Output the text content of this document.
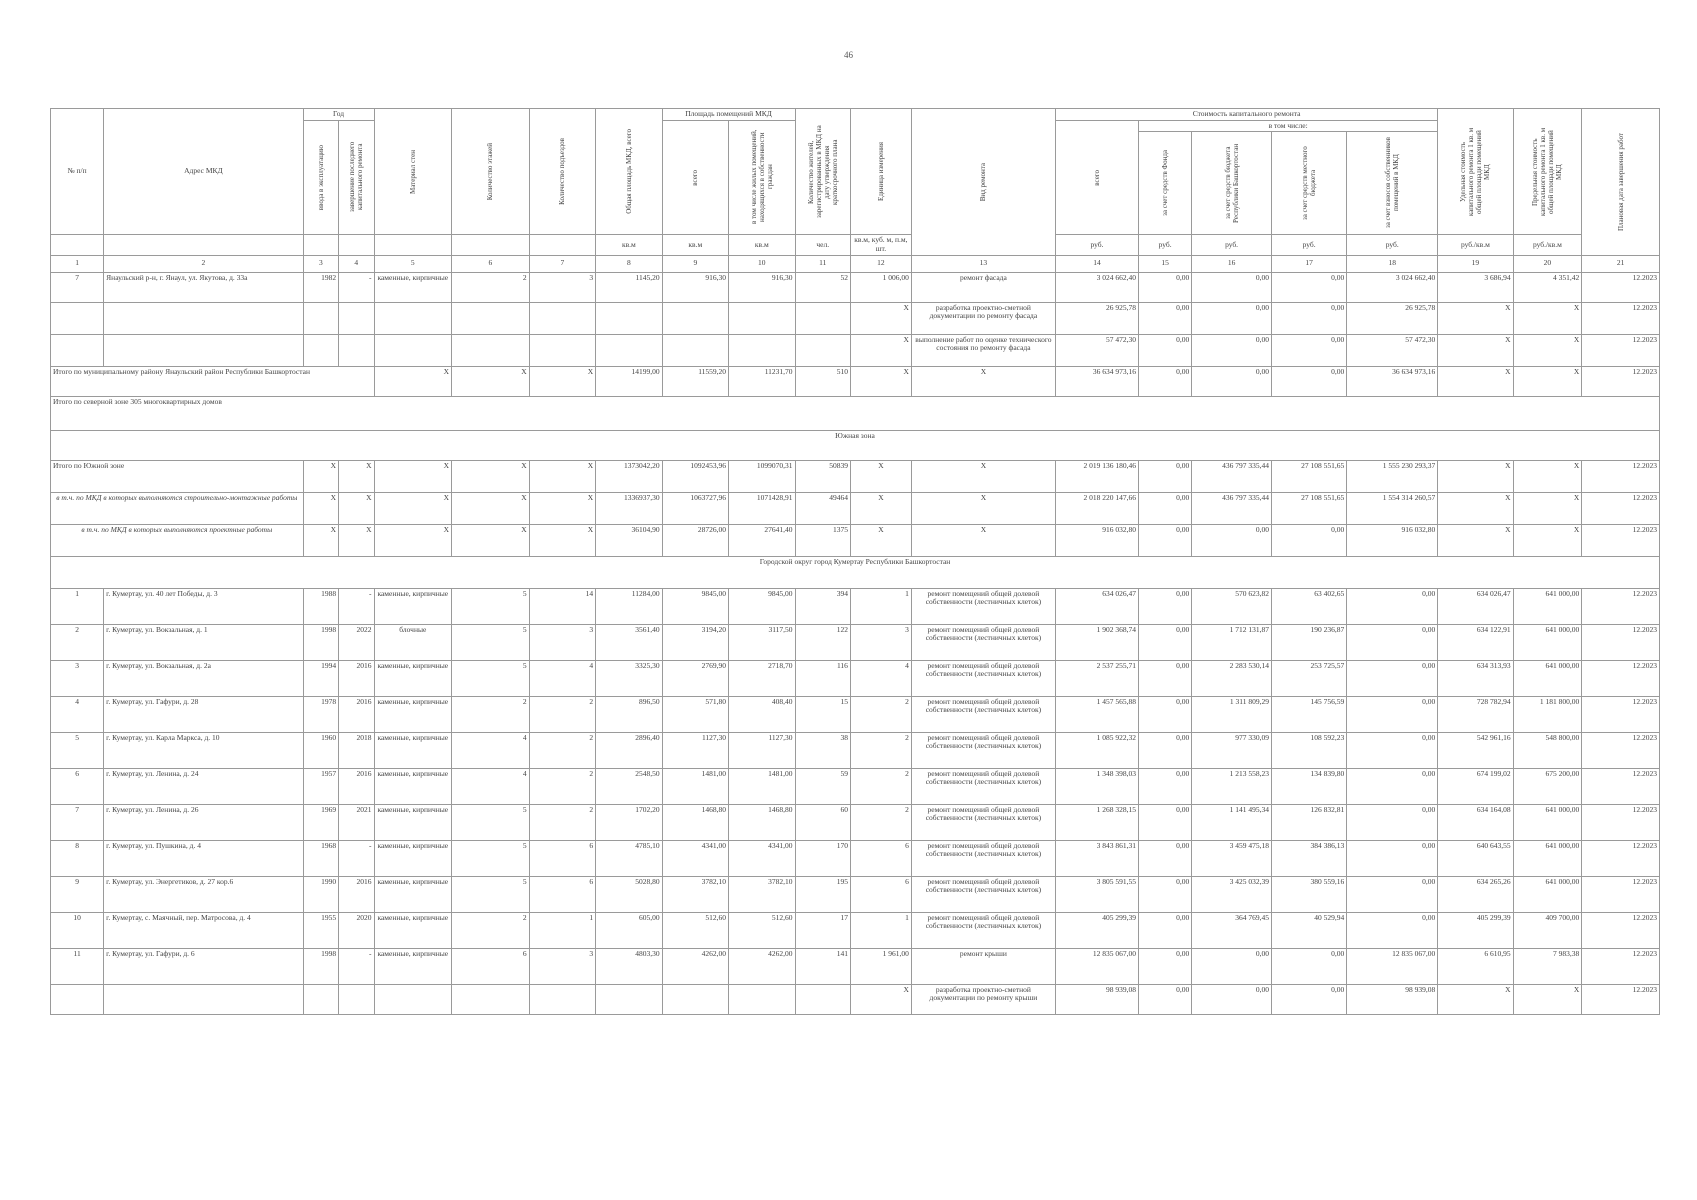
46
№ п/п	Адрес МКД	Год		Материал стен	Количество этажей	Количество подъездов	Общая площадь МКД, всего	Площадь помещений МКД		Количество жителей, зарегистрированных в МКД на дату утверждения краткосрочного плана	Единица измерения	Вид ремонта	Стоимость капитального ремонта					Удельная стоимость капитального ремонта 1 кв. м общей площади помещений МКД	Предельная стоимость капитального ремонта 1 кв. м общей площади помещений МКД	Плановая дата завершения работ

		ввода в эксплуатацию	завершение последнего капитального ремонта					всего	в том числе жилых помещений, находящихся в собственности граждан				всего	в том числе:						

														за счет средств Фонда	за счет средств бюджета Республики Башкортостан	за счет средств местного бюджета	за счет взносов собственников помещений в МКД			

							кв.м	кв.м	кв.м	чел.	кв.м, куб. м, п.м, шт.		руб.	руб.	руб.	руб.	руб.	руб./кв.м	руб./кв.м	
1	2	3	4	5	6	7	8	9	10	11	12	13	14	15	16	17	18	19	20	21
7	Янаульский р-н, г. Янаул, ул. Якутова, д. 33а	1982	-	каменные, кирпичные	2	3	1145,20	916,30	916,30	52	1 006,00	ремонт фасада	3 024 662,40	0,00	0,00	0,00	3 024 662,40	3 686,94	4 351,42	12.2023
											X	разработка проектно-сметной документации по ремонту фасада	26 925,78	0,00	0,00	0,00	26 925,78	X	X	12.2023
											X	выполнение работ по оценке технического состояния по ремонту фасада	57 472,30	0,00	0,00	0,00	57 472,30	X	X	12.2023
Итого по муниципальному району Янаульский район Республики Башкортостан				X	X	X	14199,00	11559,20	11231,70	510	X	X	36 634 973,16	0,00	0,00	0,00	36 634 973,16	X	X	12.2023
Итого по северной зоне 305 многоквартирных домов																				
Южная зона																				
Итого по Южной зоне		X	X	X	X	X	1373042,20	1092453,96	1099070,31	50839	X	X	2 019 136 180,46	0,00	436 797 335,44	27 108 551,65	1 555 230 293,37	X	X	12.2023
в т.ч. по МКД в которых выполняются строительно-монтажные работы		X	X	X	X	X	1336937,30	1063727,96	1071428,91	49464	X	X	2 018 220 147,66	0,00	436 797 335,44	27 108 551,65	1 554 314 260,57	X	X	12.2023
в т.ч. по МКД в которых выполняются проектные работы		X	X	X	X	X	36104,90	28726,00	27641,40	1375	X	X	916 032,80	0,00	0,00	0,00	916 032,80	X	X	12.2023
Городской округ город Кумертау Республики Башкортостан																				
1	г. Кумертау, ул. 40 лет Победы, д. 3	1988	-	каменные, кирпичные	5	14	11284,00	9845,00	9845,00	394	1	ремонт помещений общей долевой собственности (лестничных клеток)	634 026,47	0,00	570 623,82	63 402,65	0,00	634 026,47	641 000,00	12.2023
2	г. Кумертау, ул. Вокзальная, д. 1	1998	2022	блочные	5	3	3561,40	3194,20	3117,50	122	3	ремонт помещений общей долевой собственности (лестничных клеток)	1 902 368,74	0,00	1 712 131,87	190 236,87	0,00	634 122,91	641 000,00	12.2023
3	г. Кумертау, ул. Вокзальная, д. 2а	1994	2016	каменные, кирпичные	5	4	3325,30	2769,90	2718,70	116	4	ремонт помещений общей долевой собственности (лестничных клеток)	2 537 255,71	0,00	2 283 530,14	253 725,57	0,00	634 313,93	641 000,00	12.2023
4	г. Кумертау, ул. Гафури, д. 28	1978	2016	каменные, кирпичные	2	2	896,50	571,80	408,40	15	2	ремонт помещений общей долевой собственности (лестничных клеток)	1 457 565,88	0,00	1 311 809,29	145 756,59	0,00	728 782,94	1 181 800,00	12.2023
5	г. Кумертау, ул. Карла Маркса, д. 10	1960	2018	каменные, кирпичные	4	2	2896,40	1127,30	1127,30	38	2	ремонт помещений общей долевой собственности (лестничных клеток)	1 085 922,32	0,00	977 330,09	108 592,23	0,00	542 961,16	548 800,00	12.2023
6	г. Кумертау, ул. Ленина, д. 24	1957	2016	каменные, кирпичные	4	2	2548,50	1481,00	1481,00	59	2	ремонт помещений общей долевой собственности (лестничных клеток)	1 348 398,03	0,00	1 213 558,23	134 839,80	0,00	674 199,02	675 200,00	12.2023
7	г. Кумертау, ул. Ленина, д. 26	1969	2021	каменные, кирпичные	5	2	1702,20	1468,80	1468,80	60	2	ремонт помещений общей долевой собственности (лестничных клеток)	1 268 328,15	0,00	1 141 495,34	126 832,81	0,00	634 164,08	641 000,00	12.2023
8	г. Кумертау, ул. Пушкина, д. 4	1968	-	каменные, кирпичные	5	6	4785,10	4341,00	4341,00	170	6	ремонт помещений общей долевой собственности (лестничных клеток)	3 843 861,31	0,00	3 459 475,18	384 386,13	0,00	640 643,55	641 000,00	12.2023
9	г. Кумертау, ул. Энергетиков, д. 27 кор.6	1990	2016	каменные, кирпичные	5	6	5028,80	3782,10	3782,10	195	6	ремонт помещений общей долевой собственности (лестничных клеток)	3 805 591,55	0,00	3 425 032,39	380 559,16	0,00	634 265,26	641 000,00	12.2023
10	г. Кумертау, с. Маячный, пер. Матросова, д. 4	1955	2020	каменные, кирпичные	2	1	605,00	512,60	512,60	17	1	ремонт помещений общей долевой собственности (лестничных клеток)	405 299,39	0,00	364 769,45	40 529,94	0,00	405 299,39	409 700,00	12.2023
11	г. Кумертау, ул. Гафури, д. 6	1998	-	каменные, кирпичные	6	3	4803,30	4262,00	4262,00	141	1 961,00	ремонт крыши	12 835 067,00	0,00	0,00	0,00	12 835 067,00	6 610,95	7 983,38	12.2023
											X	разработка проектно-сметной документации по ремонту крыши	98 939,08	0,00	0,00	0,00	98 939,08	X	X	12.2023
